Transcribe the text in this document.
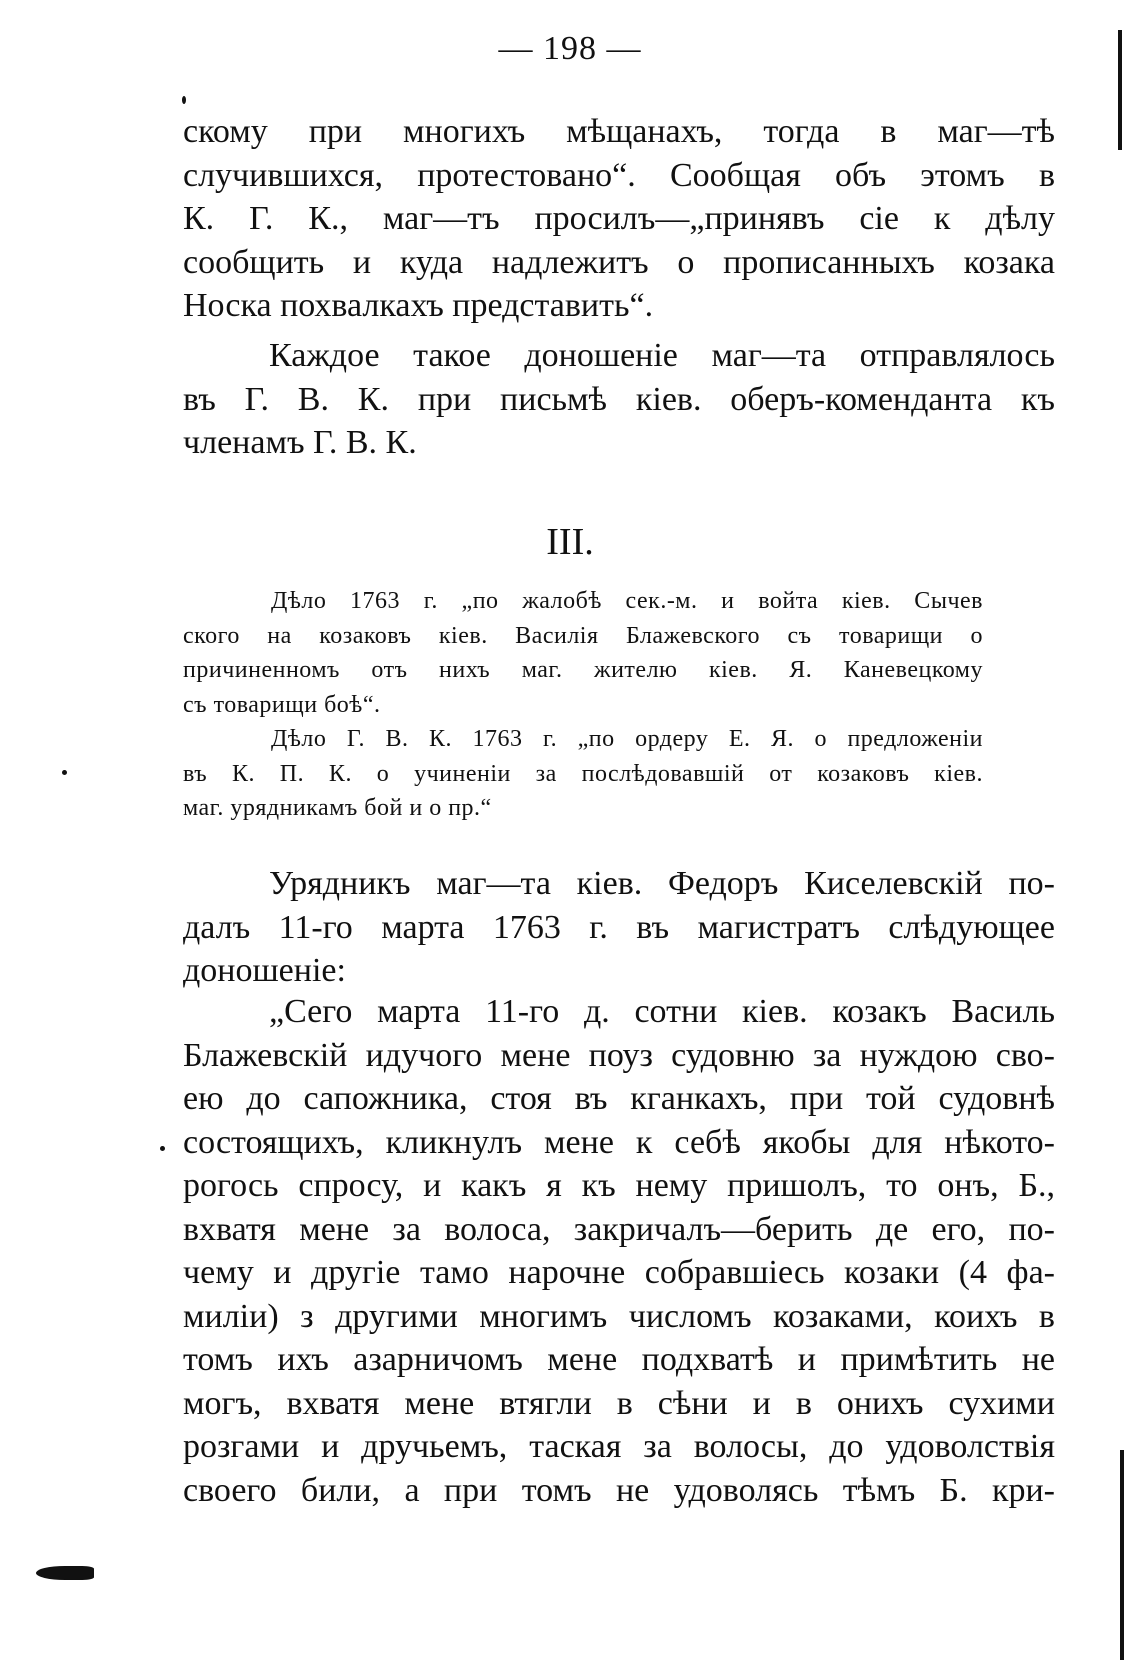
— 198 —
скому при многихъ мѣщанахъ, тогда в маг—тѣ
случившихся, протестовано“. Сообщая объ этомъ в
К. Г. К., маг—тъ просилъ—„принявъ сіе к дѣлу
сообщить и куда надлежитъ о прописанныхъ козака
Носка похвалкахъ представить“.
Каждое такое доношеніе маг—та отправлялось
въ Г. В. К. при письмѣ кіев. оберъ-коменданта къ
членамъ Г. В. К.
III.
Дѣло 1763 г. „по жалобѣ сек.-м. и войта кіев. Сычев
ского на козаковъ кіев. Василія Блажевского съ товарищи о
причиненномъ отъ нихъ маг. жителю кіев. Я. Каневецкому
съ товарищи боѣ“.
Дѣло Г. В. К. 1763 г. „по ордеру Е. Я. о предложеніи
въ К. П. К. о учиненіи за послѣдовавшій от козаковъ кіев.
маг. урядникамъ бой и о пр.“
Урядникъ маг—та кіев. Федоръ Киселевскій по-
далъ 11-го марта 1763 г. въ магистратъ слѣдующее
доношеніе:
„Сего марта 11-го д. сотни кіев. козакъ Василь
Блажевскій идучого мене поуз судовню за нуждою сво-
ею до сапожника, стоя въ кганкахъ, при той судовнѣ
состоящихъ, кликнулъ мене к себѣ якобы для нѣкото-
рогось спросу, и какъ я къ нему пришолъ, то онъ, Б.,
вхватя мене за волоса, закричалъ—берить де его, по-
чему и другіе тамо нарочне собравшіесь козаки (4 фа-
миліи) з другими многимъ числомъ козаками, коихъ в
томъ ихъ азарничомъ мене подхватѣ и примѣтить не
могъ, вхватя мене втягли в сѣни и в онихъ сухими
розгами и дручьемъ, таская за волосы, до удоволствія
своего били, а при томъ не удоволясь тѣмъ Б. кри-
